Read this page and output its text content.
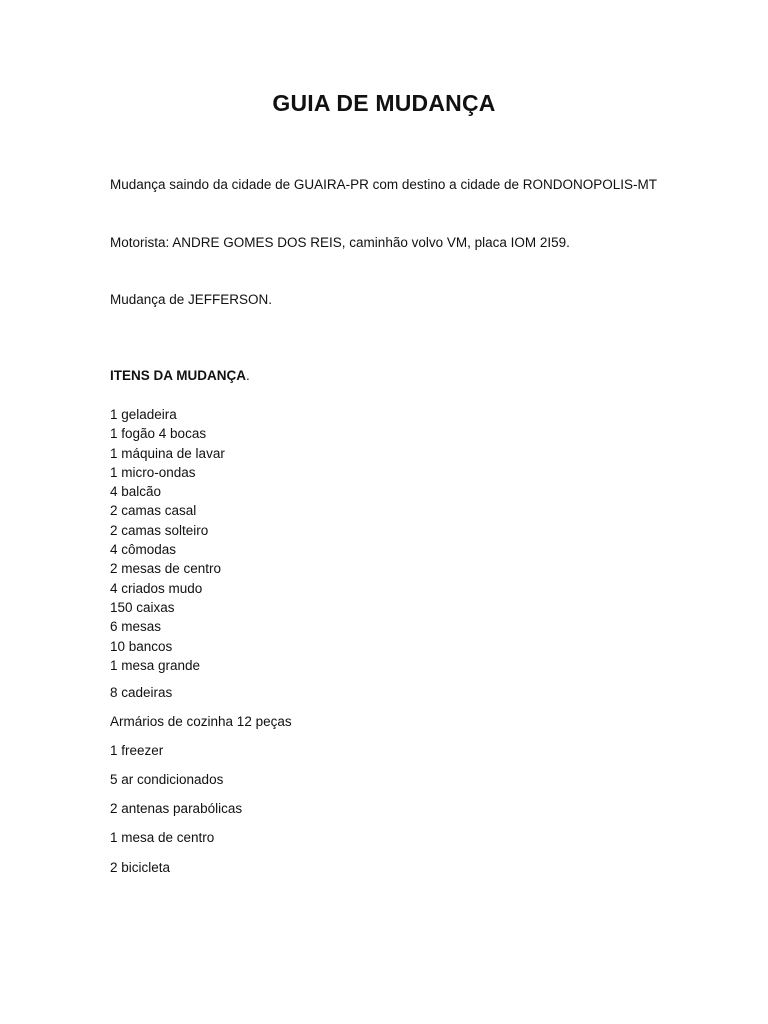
GUIA DE MUDANÇA
Mudança saindo da cidade de GUAIRA-PR com destino a cidade de RONDONOPOLIS-MT
Motorista: ANDRE GOMES DOS REIS, caminhão volvo VM, placa IOM 2I59.
Mudança de JEFFERSON.
ITENS DA MUDANÇA.
1 geladeira
1 fogão 4 bocas
1 máquina de lavar
1 micro-ondas
4 balcão
2 camas casal
2 camas solteiro
4 cômodas
2 mesas de centro
4 criados mudo
150 caixas
6 mesas
10 bancos
1 mesa grande
8 cadeiras
Armários de cozinha 12 peças
1 freezer
5 ar condicionados
2 antenas parabólicas
1 mesa de centro
2 bicicleta
